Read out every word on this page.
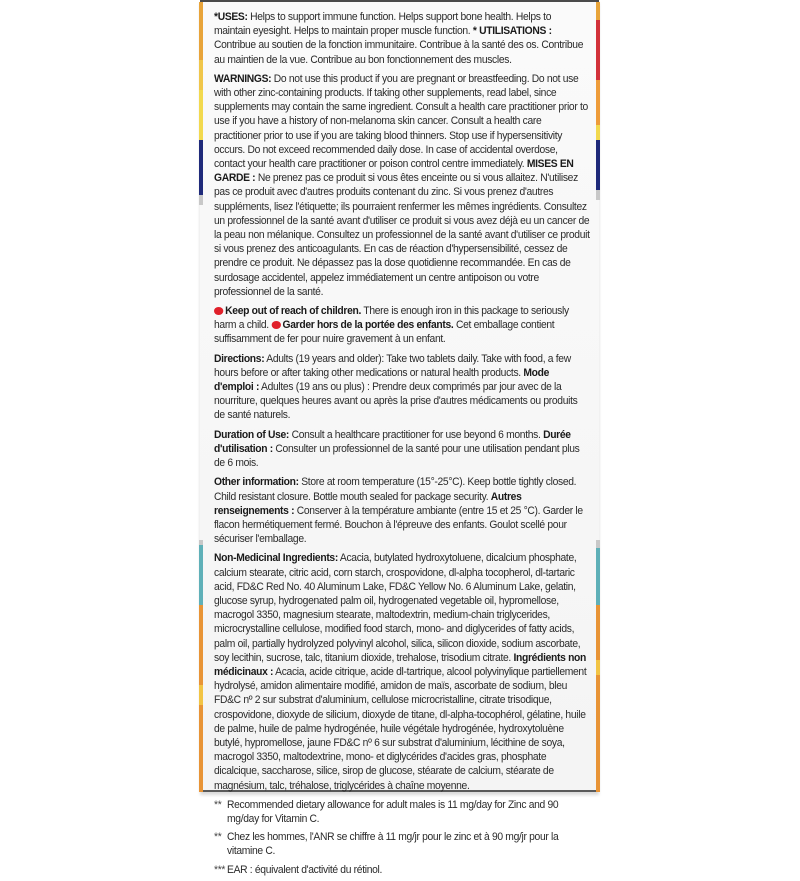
*USES: Helps to support immune function. Helps support bone health. Helps to maintain eyesight. Helps to maintain proper muscle function. * UTILISATIONS : Contribue au soutien de la fonction immunitaire. Contribue à la santé des os. Contribue au maintien de la vue. Contribue au bon fonctionnement des muscles.

WARNINGS: Do not use this product if you are pregnant or breastfeeding. Do not use with other zinc-containing products. If taking other supplements, read label, since supplements may contain the same ingredient. Consult a health care practitioner prior to use if you have a history of non-melanoma skin cancer. Consult a health care practitioner prior to use if you are taking blood thinners. Stop use if hypersensitivity occurs. Do not exceed recommended daily dose. In case of accidental overdose, contact your health care practitioner or poison control centre immediately. MISES EN GARDE : Ne prenez pas ce produit si vous êtes enceinte ou si vous allaitez. N'utilisez pas ce produit avec d'autres produits contenant du zinc. Si vous prenez d'autres suppléments, lisez l'étiquette; ils pourraient renfermer les mêmes ingrédients. Consultez un professionnel de la santé avant d'utiliser ce produit si vous avez déjà eu un cancer de la peau non mélanique. Consultez un professionnel de la santé avant d'utiliser ce produit si vous prenez des anticoagulants. En cas de réaction d'hypersensibilité, cessez de prendre ce produit. Ne dépassez pas la dose quotidienne recommandée. En cas de surdosage accidentel, appelez immédiatement un centre antipoison ou votre professionnel de la santé.

Keep out of reach of children. There is enough iron in this package to seriously harm a child. Garder hors de la portée des enfants. Cet emballage contient suffisamment de fer pour nuire gravement à un enfant.

Directions: Adults (19 years and older): Take two tablets daily. Take with food, a few hours before or after taking other medications or natural health products. Mode d'emploi : Adultes (19 ans ou plus) : Prendre deux comprimés par jour avec de la nourriture, quelques heures avant ou après la prise d'autres médicaments ou produits de santé naturels.

Duration of Use: Consult a healthcare practitioner for use beyond 6 months. Durée d'utilisation : Consulter un professionnel de la santé pour une utilisation pendant plus de 6 mois.

Other information: Store at room temperature (15°-25°C). Keep bottle tightly closed. Child resistant closure. Bottle mouth sealed for package security. Autres renseignements : Conserver à la température ambiante (entre 15 et 25 °C). Garder le flacon hermétiquement fermé. Bouchon à l'épreuve des enfants. Goulot scellé pour sécuriser l'emballage.

Non-Medicinal Ingredients: Acacia, butylated hydroxytoluene, dicalcium phosphate, calcium stearate, citric acid, corn starch, crospovidone, dl-alpha tocopherol, dl-tartaric acid, FD&C Red No. 40 Aluminum Lake, FD&C Yellow No. 6 Aluminum Lake, gelatin, glucose syrup, hydrogenated palm oil, hydrogenated vegetable oil, hypromellose, macrogol 3350, magnesium stearate, maltodextrin, medium-chain triglycerides, microcrystalline cellulose, modified food starch, mono- and diglycerides of fatty acids, palm oil, partially hydrolyzed polyvinyl alcohol, silica, silicon dioxide, sodium ascorbate, soy lecithin, sucrose, talc, titanium dioxide, trehalose, trisodium citrate. Ingrédients non médicinaux : Acacia, acide citrique, acide dl-tartrique, alcool polyvinylique partiellement hydrolysé, amidon alimentaire modifié, amidon de maïs, ascorbate de sodium, bleu FD&C nº 2 sur substrat d'aluminium, cellulose microcristalline, citrate trisodique, crospovidone, dioxyde de silicium, dioxyde de titane, dl-alpha-tocophérol, gélatine, huile de palme, huile de palme hydrogénée, huile végétale hydrogénée, hydroxytoluène butylé, hypromellose, jaune FD&C nº 6 sur substrat d'aluminium, lécithine de soya, macrogol 3350, maltodextrine, mono- et diglycérides d'acides gras, phosphate dicalcique, saccharose, silice, sirop de glucose, stéarate de calcium, stéarate de magnésium, talc, tréhalose, triglycérides à chaîne moyenne.

** Recommended dietary allowance for adult males is 11 mg/day for Zinc and 90 mg/day for Vitamin C.
** Chez les hommes, l'ANR se chiffre à 11 mg/jr pour le zinc et à 90 mg/jr pour la vitamine C.
*** EAR : équivalent d'activité du rétinol.
